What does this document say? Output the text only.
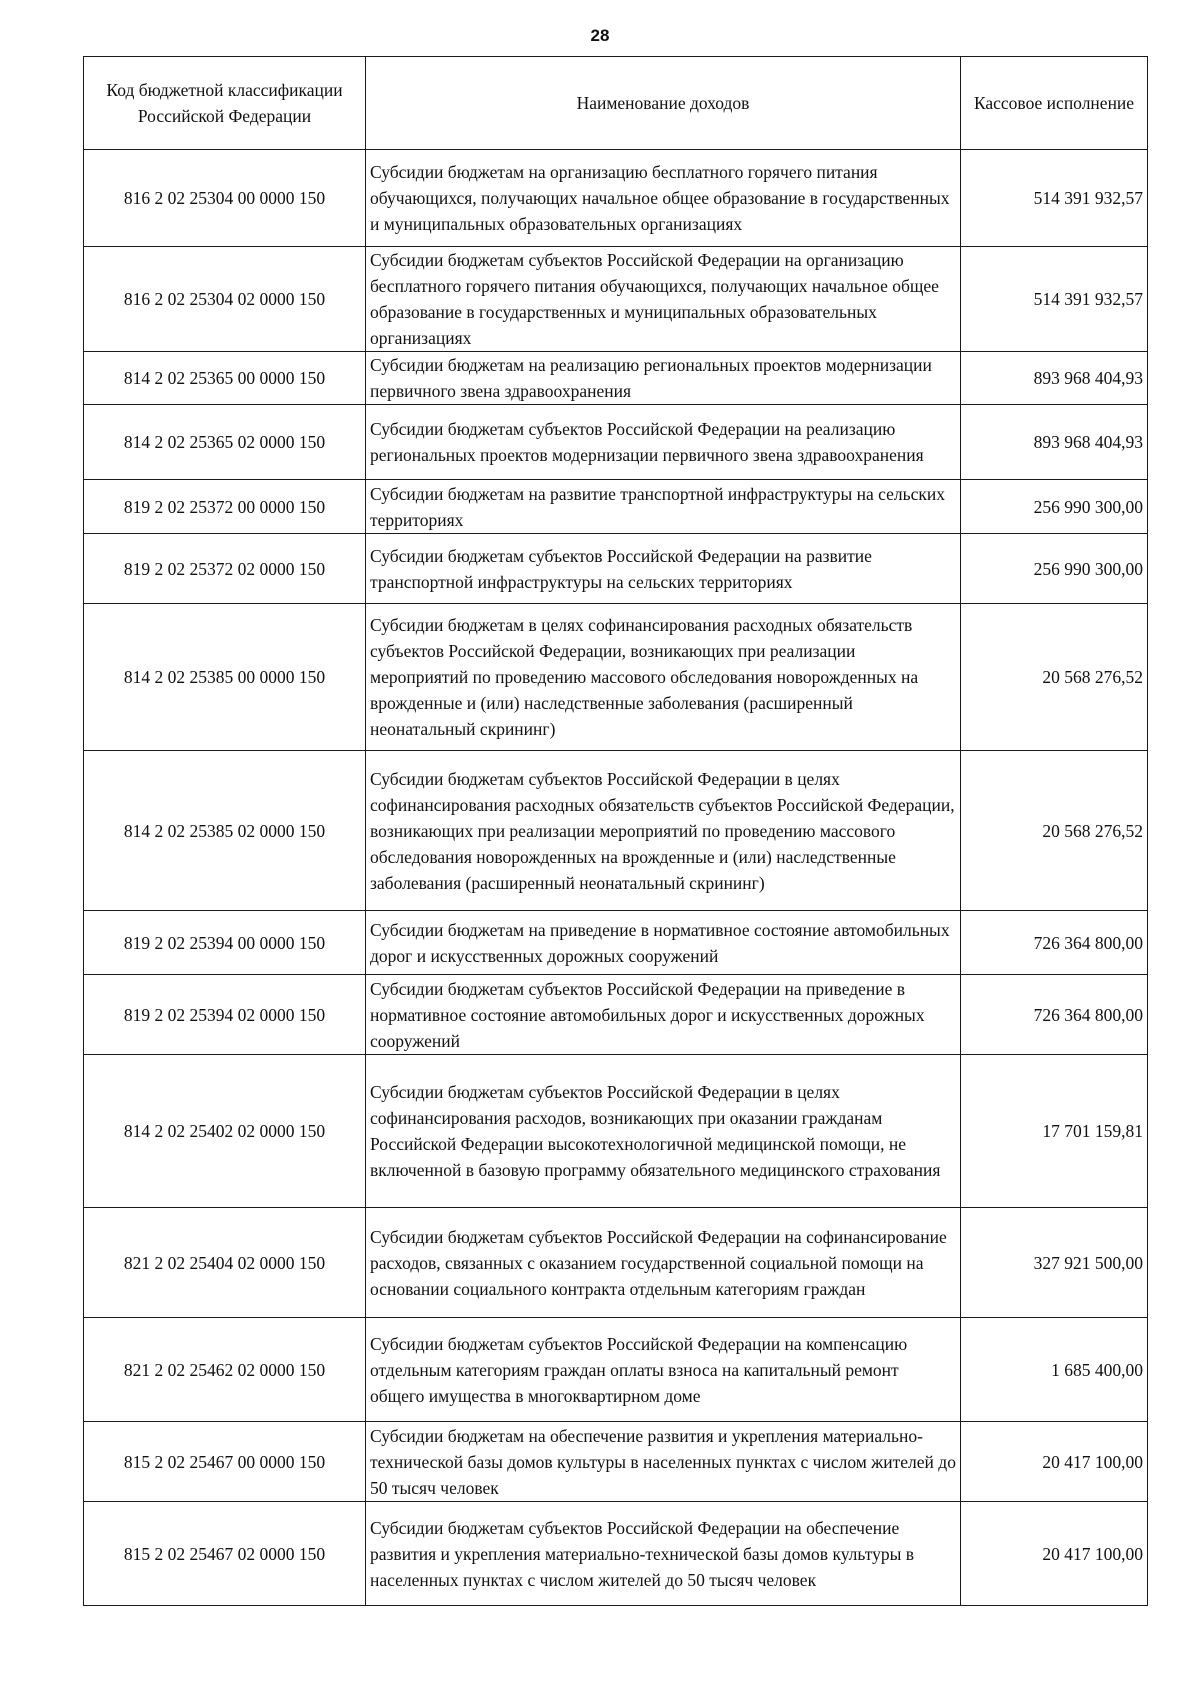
28
Код бюджетной классификации Российской Федерации	Наименование доходов	Кассовое исполнение
816 2 02 25304 00 0000 150	Субсидии бюджетам на организацию бесплатного горячего питания обучающихся, получающих начальное общее образование в государственных и муниципальных образовательных организациях	514 391 932,57
816 2 02 25304 02 0000 150	Субсидии бюджетам субъектов Российской Федерации на организацию бесплатного горячего питания обучающихся, получающих начальное общее образование в государственных и муниципальных образовательных организациях	514 391 932,57
814 2 02 25365 00 0000 150	Субсидии бюджетам на реализацию региональных проектов модернизации первичного звена здравоохранения	893 968 404,93
814 2 02 25365 02 0000 150	Субсидии бюджетам субъектов Российской Федерации на реализацию региональных проектов модернизации первичного звена здравоохранения	893 968 404,93
819 2 02 25372 00 0000 150	Субсидии бюджетам на развитие транспортной инфраструктуры на сельских территориях	256 990 300,00
819 2 02 25372 02 0000 150	Субсидии бюджетам субъектов Российской Федерации на развитие транспортной инфраструктуры на сельских территориях	256 990 300,00
814 2 02 25385 00 0000 150	Субсидии бюджетам в целях софинансирования расходных обязательств субъектов Российской Федерации, возникающих при реализации мероприятий по проведению массового обследования новорожденных на врожденные и (или) наследственные заболевания (расширенный неонатальный скрининг)	20 568 276,52
814 2 02 25385 02 0000 150	Субсидии бюджетам субъектов Российской Федерации в целях софинансирования расходных обязательств субъектов Российской Федерации, возникающих при реализации мероприятий по проведению массового обследования новорожденных на врожденные и (или) наследственные заболевания (расширенный неонатальный скрининг)	20 568 276,52
819 2 02 25394 00 0000 150	Субсидии бюджетам на приведение в нормативное состояние автомобильных дорог и искусственных дорожных сооружений	726 364 800,00
819 2 02 25394 02 0000 150	Субсидии бюджетам субъектов Российской Федерации на приведение в нормативное состояние автомобильных дорог и искусственных дорожных сооружений	726 364 800,00
814 2 02 25402 02 0000 150	Субсидии бюджетам субъектов Российской Федерации в целях софинансирования расходов, возникающих при оказании гражданам Российской Федерации высокотехнологичной медицинской помощи, не включенной в базовую программу обязательного медицинского страхования	17 701 159,81
821 2 02 25404 02 0000 150	Субсидии бюджетам субъектов Российской Федерации на софинансирование расходов, связанных с оказанием государственной социальной помощи на основании социального контракта отдельным категориям граждан	327 921 500,00
821 2 02 25462 02 0000 150	Субсидии бюджетам субъектов Российской Федерации на компенсацию отдельным категориям граждан оплаты взноса на капитальный ремонт общего имущества в многоквартирном доме	1 685 400,00
815 2 02 25467 00 0000 150	Субсидии бюджетам на обеспечение развития и укрепления материально-технической базы домов культуры в населенных пунктах с числом жителей до 50 тысяч человек	20 417 100,00
815 2 02 25467 02 0000 150	Субсидии бюджетам субъектов Российской Федерации на обеспечение развития и укрепления материально-технической базы домов культуры в населенных пунктах с числом жителей до 50 тысяч человек	20 417 100,00
